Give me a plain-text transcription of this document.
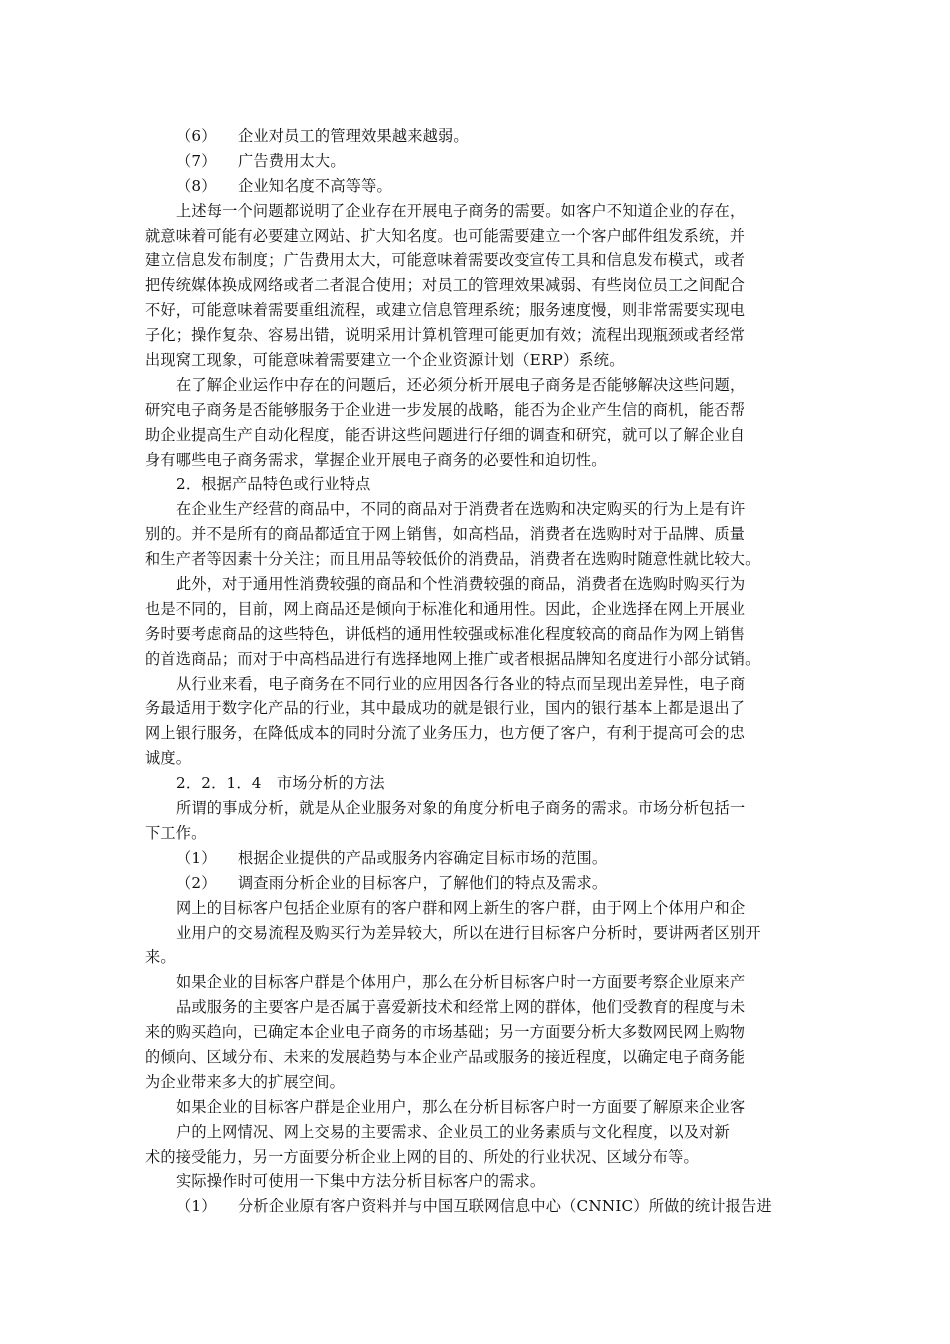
（6） 企业对员工的管理效果越来越弱。
（7） 广告费用太大。
（8） 企业知名度不高等等。
上述每一个问题都说明了企业存在开展电子商务的需要。如客户不知道企业的存在，
就意味着可能有必要建立网站、扩大知名度。也可能需要建立一个客户邮件组发系统，并
建立信息发布制度；广告费用太大，可能意味着需要改变宣传工具和信息发布模式，或者
把传统媒体换成网络或者二者混合使用；对员工的管理效果减弱、有些岗位员工之间配合
不好，可能意味着需要重组流程，或建立信息管理系统；服务速度慢，则非常需要实现电
子化；操作复杂、容易出错，说明采用计算机管理可能更加有效；流程出现瓶颈或者经常
出现窝工现象，可能意味着需要建立一个企业资源计划（ERP）系统。
在了解企业运作中存在的问题后，还必须分析开展电子商务是否能够解决这些问题，
研究电子商务是否能够服务于企业进一步发展的战略，能否为企业产生信的商机，能否帮
助企业提高生产自动化程度，能否讲这些问题进行仔细的调查和研究，就可以了解企业自
身有哪些电子商务需求，掌握企业开展电子商务的必要性和迫切性。
2．根据产品特色或行业特点
在企业生产经营的商品中，不同的商品对于消费者在选购和决定购买的行为上是有许
别的。并不是所有的商品都适宜于网上销售，如高档品，消费者在选购时对于品牌、质量
和生产者等因素十分关注；而且用品等较低价的消费品，消费者在选购时随意性就比较大。
此外，对于通用性消费较强的商品和个性消费较强的商品，消费者在选购时购买行为
也是不同的，目前，网上商品还是倾向于标准化和通用性。因此，企业选择在网上开展业
务时要考虑商品的这些特色，讲低档的通用性较强或标准化程度较高的商品作为网上销售
的首选商品；而对于中高档品进行有选择地网上推广或者根据品牌知名度进行小部分试销。
从行业来看，电子商务在不同行业的应用因各行各业的特点而呈现出差异性，电子商
务最适用于数字化产品的行业，其中最成功的就是银行业，国内的银行基本上都是退出了
网上银行服务，在降低成本的同时分流了业务压力，也方便了客户，有利于提高可会的忠
诚度。
2．2．1．4　市场分析的方法
所谓的事成分析，就是从企业服务对象的角度分析电子商务的需求。市场分析包括一
下工作。
（1） 根据企业提供的产品或服务内容确定目标市场的范围。
（2） 调查雨分析企业的目标客户，了解他们的特点及需求。
网上的目标客户包括企业原有的客户群和网上新生的客户群，由于网上个体用户和企
业用户的交易流程及购买行为差异较大，所以在进行目标客户分析时，要讲两者区别开
来。
如果企业的目标客户群是个体用户，那么在分析目标客户时一方面要考察企业原来产
品或服务的主要客户是否属于喜爱新技术和经常上网的群体，他们受教育的程度与未
来的购买趋向，已确定本企业电子商务的市场基础；另一方面要分析大多数网民网上购物
的倾向、区域分布、未来的发展趋势与本企业产品或服务的接近程度，以确定电子商务能
为企业带来多大的扩展空间。
如果企业的目标客户群是企业用户，那么在分析目标客户时一方面要了解原来企业客
户的上网情况、网上交易的主要需求、企业员工的业务素质与文化程度，以及对新
术的接受能力，另一方面要分析企业上网的目的、所处的行业状况、区域分布等。
实际操作时可使用一下集中方法分析目标客户的需求。
（1） 分析企业原有客户资料并与中国互联网信息中心（CNNIC）所做的统计报告进
